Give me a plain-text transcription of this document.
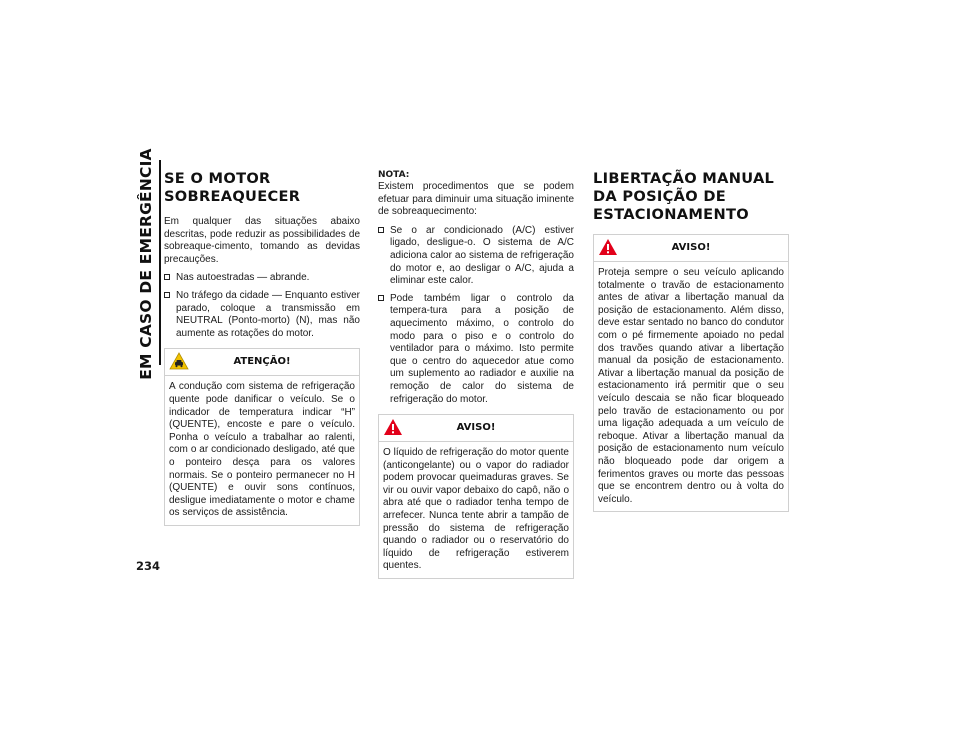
EM CASO DE EMERGÊNCIA
234
SE O MOTOR SOBREAQUECER

Em qualquer das situações abaixo descritas, pode reduzir as possibilidades de sobreaque-cimento, tomando as devidas precauções.

Nas autoestradas — abrande.
No tráfego da cidade — Enquanto estiver parado, coloque a transmissão em NEUTRAL (Ponto-morto) (N), mas não aumente as rotações do motor.
ATENÇÃO!
A condução com sistema de refrigeração quente pode danificar o veículo. Se o indicador de temperatura indicar “H” (QUENTE), encoste e pare o veículo. Ponha o veículo a trabalhar ao ralenti, com o ar condicionado desligado, até que o ponteiro desça para os valores normais. Se o ponteiro permanecer no H (QUENTE) e ouvir sons contínuos, desligue imediatamente o motor e chame os serviços de assistência.

NOTA:

Existem procedimentos que se podem efetuar para diminuir uma situação iminente de sobreaquecimento:

Se o ar condicionado (A/C) estiver ligado, desligue-o. O sistema de A/C adiciona calor ao sistema de refrigeração do motor e, ao desligar o A/C, ajuda a eliminar este calor.
Pode também ligar o controlo da tempera-tura para a posição de aquecimento máximo, o controlo do modo para o piso e o controlo do ventilador para o máximo. Isto permite que o centro do aquecedor atue como um suplemento ao radiador e auxilie na remoção de calor do sistema de refrigeração do motor.
AVISO!
O líquido de refrigeração do motor quente (anticongelante) ou o vapor do radiador podem provocar queimaduras graves. Se vir ou ouvir vapor debaixo do capô, não o abra até que o radiador tenha tempo de arrefecer. Nunca tente abrir a tampão de pressão do sistema de refrigeração quando o radiador ou o reservatório do líquido de refrigeração estiverem quentes.
LIBERTAÇÃO MANUAL DA POSIÇÃO DE ESTACIONAMENTO
AVISO!
Proteja sempre o seu veículo aplicando totalmente o travão de estacionamento antes de ativar a libertação manual da posição de estacionamento. Além disso, deve estar sentado no banco do condutor com o pé firmemente apoiado no pedal dos travões quando ativar a libertação manual da posição de estacionamento. Ativar a libertação manual da posição de estacionamento irá permitir que o seu veículo descaia se não ficar bloqueado pelo travão de estacionamento ou por uma ligação adequada a um veículo de reboque. Ativar a libertação manual da posição de estacionamento num veículo não bloqueado pode dar origem a ferimentos graves ou morte das pessoas que se encontrem dentro ou à volta do veículo.
